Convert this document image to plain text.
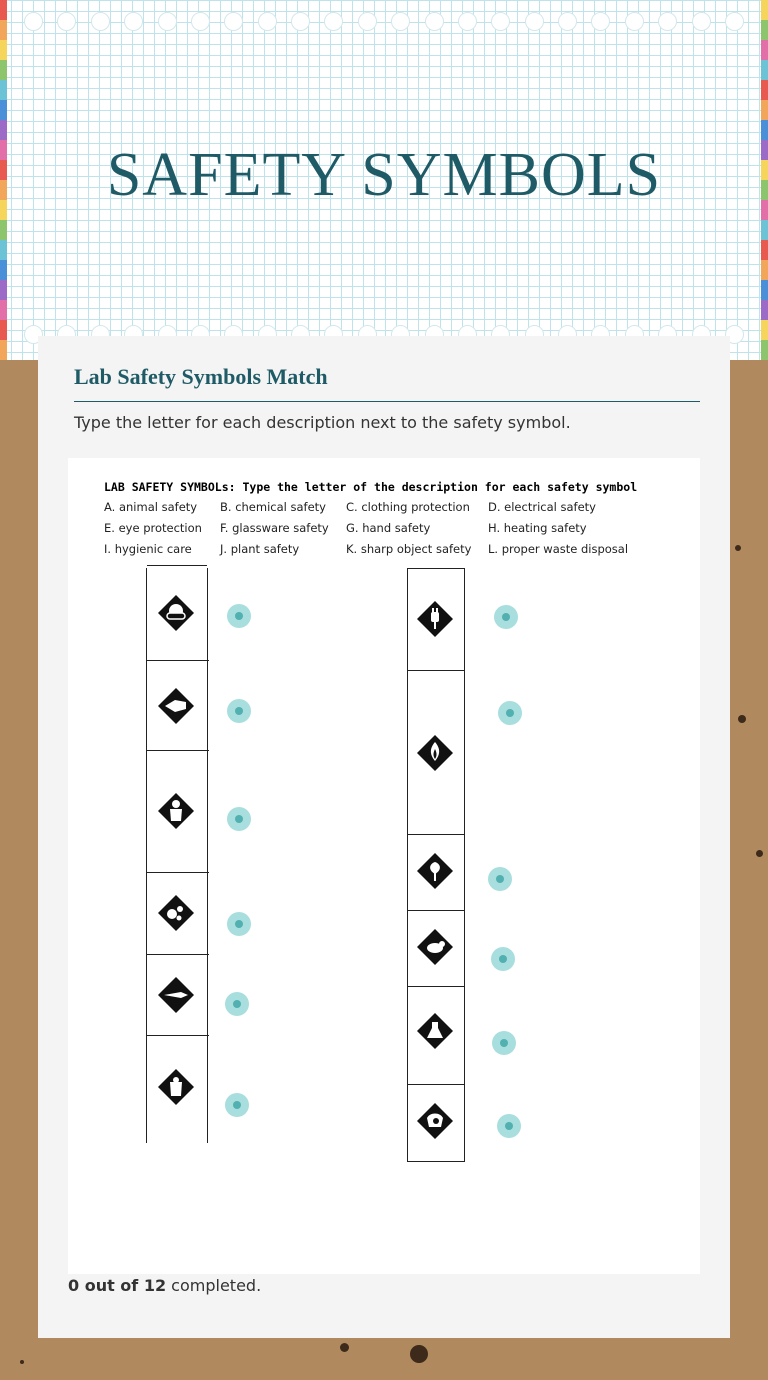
SAFETY SYMBOLS
Lab Safety Symbols Match
Type the letter for each description next to the safety symbol.
LAB SAFETY SYMBOLs: Type the letter of the description for each safety symbol
A. animal safety B. chemical safety C. clothing protection D. electrical safety
E. eye protection F. glassware safety G. hand safety	H. heating safety
I. hygienic care J. plant safety	K. sharp object safety L. proper waste disposal
0 out of 12 completed.
